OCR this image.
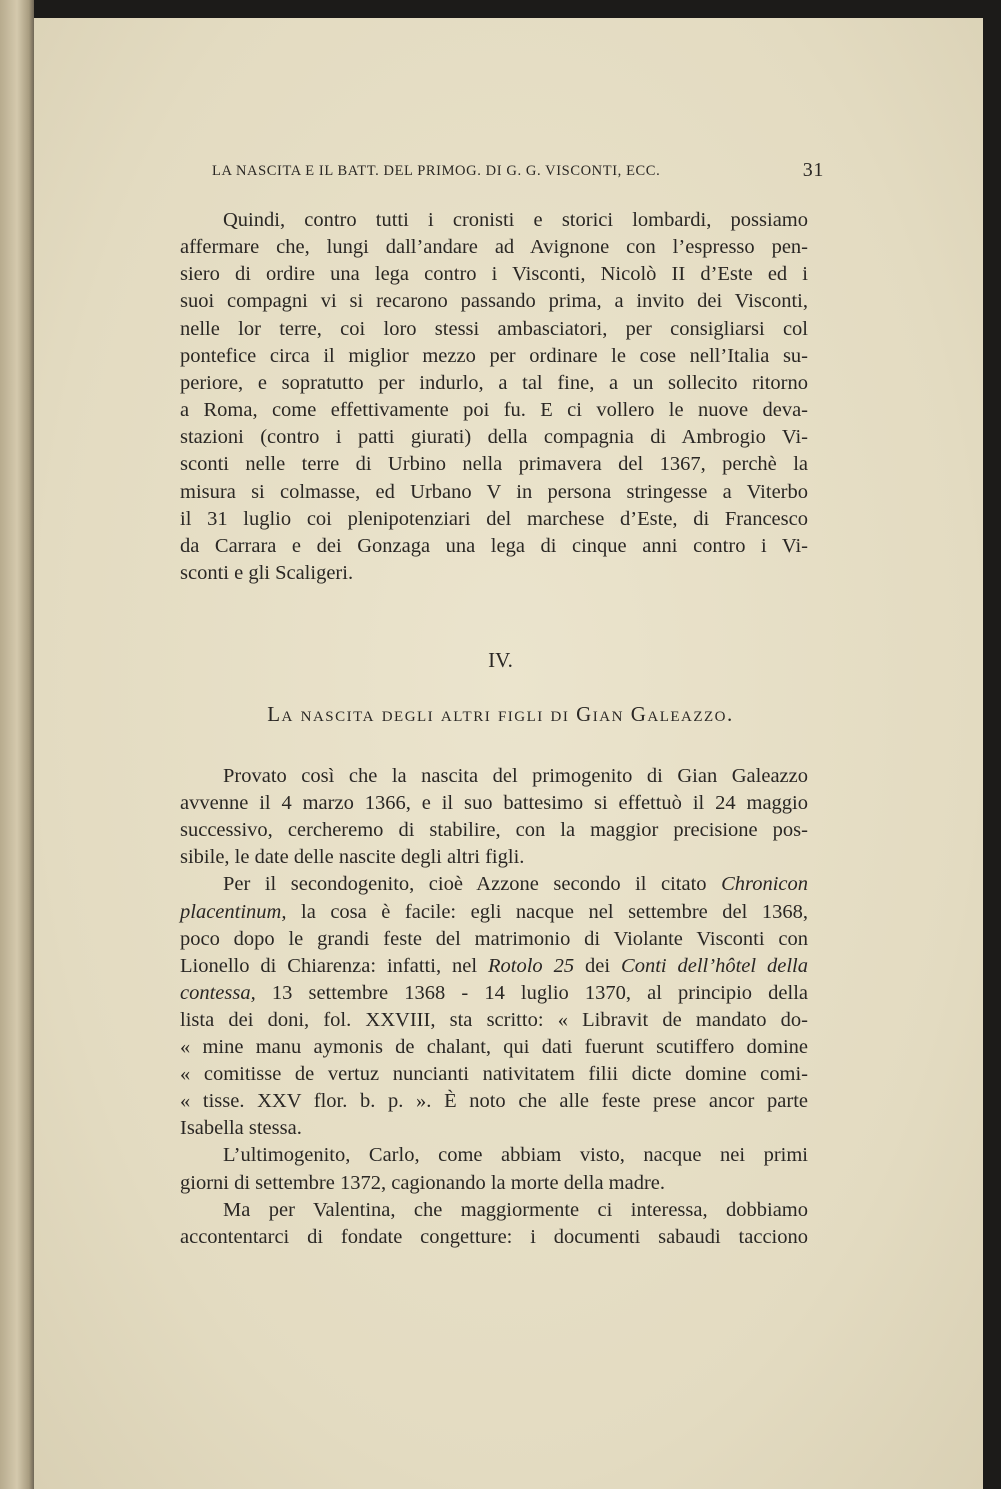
LA NASCITA E IL BATT. DEL PRIMOG. DI G. G. VISCONTI, ECC.	31
IV.
La nascita degli altri figli di Gian Galeazzo.
Quindi, contro tutti i cronisti e storici lombardi, possiamo
affermare che, lungi dall’andare ad Avignone con l’espresso pen-
siero di ordire una lega contro i Visconti, Nicolò II d’Este ed i
suoi compagni vi si recarono passando prima, a invito dei Visconti,
nelle lor terre, coi loro stessi ambasciatori, per consigliarsi col
pontefice circa il miglior mezzo per ordinare le cose nell’Italia su-
periore, e sopratutto per indurlo, a tal fine, a un sollecito ritorno
a Roma, come effettivamente poi fu. E ci vollero le nuove deva-
stazioni (contro i patti giurati) della compagnia di Ambrogio Vi-
sconti nelle terre di Urbino nella primavera del 1367, perchè la
misura si colmasse, ed Urbano V in persona stringesse a Viterbo
il 31 luglio coi plenipotenziari del marchese d’Este, di Francesco
da Carrara e dei Gonzaga una lega di cinque anni contro i Vi-
sconti e gli Scaligeri.
Provato così che la nascita del primogenito di Gian Galeazzo
avvenne il 4 marzo 1366, e il suo battesimo si effettuò il 24 maggio
successivo, cercheremo di stabilire, con la maggior precisione pos-
sibile, le date delle nascite degli altri figli.
Per il secondogenito, cioè Azzone secondo il citato Chronicon
placentinum, la cosa è facile: egli nacque nel settembre del 1368,
poco dopo le grandi feste del matrimonio di Violante Visconti con
Lionello di Chiarenza: infatti, nel Rotolo 25 dei Conti dell’hôtel della
contessa, 13 settembre 1368 - 14 luglio 1370, al principio della
lista dei doni, fol. XXVIII, sta scritto: « Libravit de mandato do-
« mine manu aymonis de chalant, qui dati fuerunt scutiffero domine
« comitisse de vertuz nuncianti nativitatem filii dicte domine comi-
« tisse. XXV flor. b. p. ». È noto che alle feste prese ancor parte
Isabella stessa.
L’ultimogenito, Carlo, come abbiam visto, nacque nei primi
giorni di settembre 1372, cagionando la morte della madre.
Ma per Valentina, che maggiormente ci interessa, dobbiamo
accontentarci di fondate congetture: i documenti sabaudi tacciono
